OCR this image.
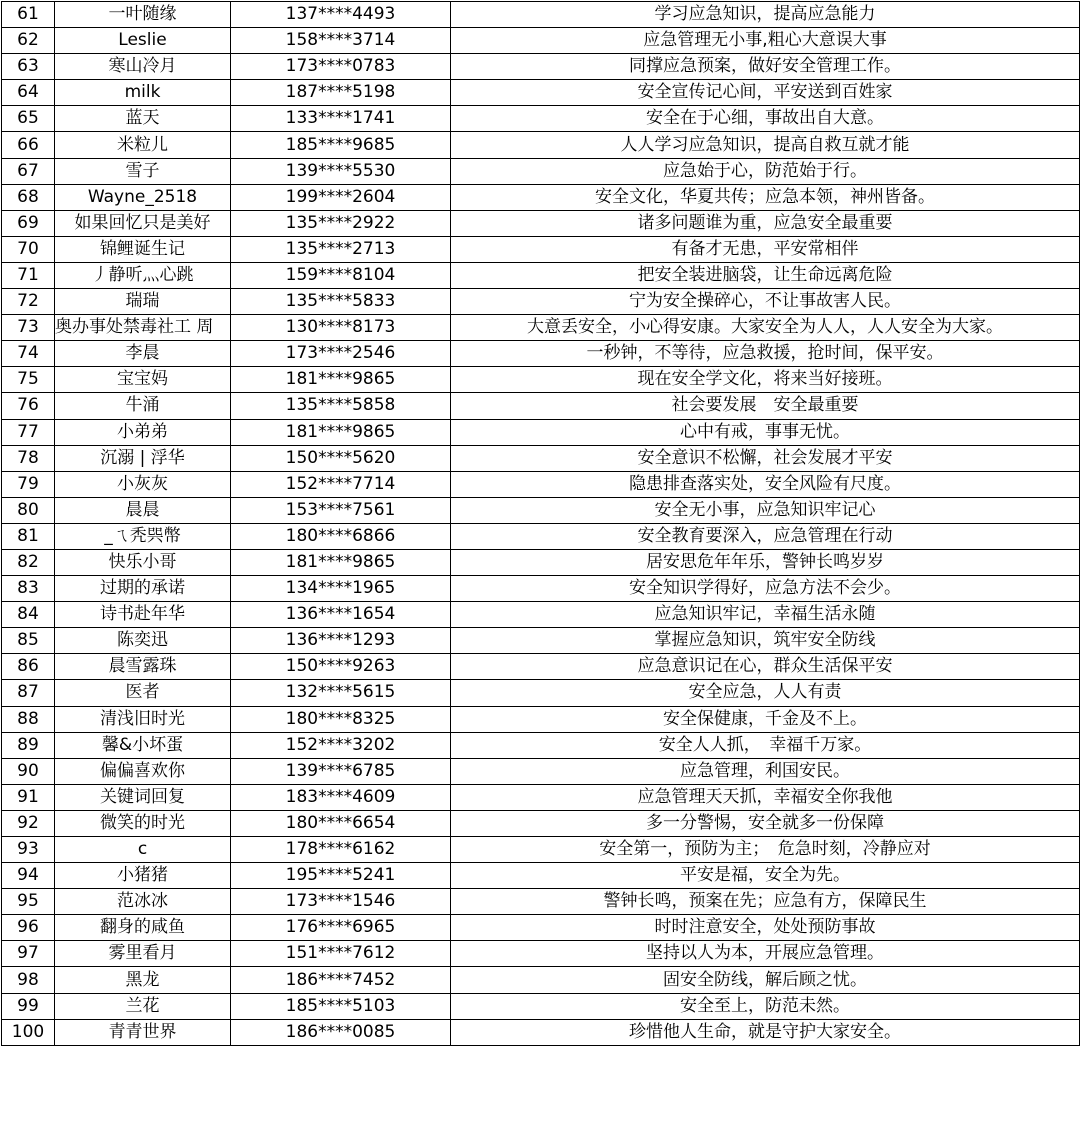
61	一叶随缘	137****4493	学习应急知识，提高应急能力
62	Leslie	158****3714	应急管理无小事,粗心大意误大事
63	寒山冷月	173****0783	同撑应急预案，做好安全管理工作。
64	milk	187****5198	安全宣传记心间，平安送到百姓家
65	蓝天	133****1741	安全在于心细，事故出自大意。
66	米粒儿	185****9685	人人学习应急知识，提高自救互就才能
67	雪子	139****5530	应急始于心，防范始于行。
68	Wayne_2518	199****2604	安全文化，华夏共传；应急本领，神州皆备。
69	如果回忆只是美好	135****2922	诸多问题谁为重，应急安全最重要
70	锦鲤诞生记	135****2713	有备才无患，平安常相伴
71	丿静听灬心跳	159****8104	把安全装进脑袋，让生命远离危险
72	瑞瑞	135****5833	宁为安全操碎心，不让事故害人民。
73	奥办事处禁毒社工 周	130****8173	大意丢安全，小心得安康。大家安全为人人，人人安全为大家。
74	李晨	173****2546	一秒钟，不等待，应急救援，抢时间，保平安。
75	宝宝妈	181****9865	现在安全学文化，将来当好接班。
76	牛涌	135****5858	社会要发展　安全最重要
77	小弟弟	181****9865	心中有戒，事事无忧。
78	沉溺 | 浮华	150****5620	安全意识不松懈，社会发展才平安
79	小灰灰	152****7714	隐患排查落实处，安全风险有尺度。
80	晨晨	153****7561	安全无小事，应急知识牢记心
81	_ㄟ秃巺幣	180****6866	安全教育要深入，应急管理在行动
82	快乐小哥	181****9865	居安思危年年乐，警钟长鸣岁岁
83	过期的承诺	134****1965	安全知识学得好，应急方法不会少。
84	诗书赴年华	136****1654	应急知识牢记，幸福生活永随
85	陈奕迅	136****1293	掌握应急知识，筑牢安全防线
86	晨雪露珠	150****9263	应急意识记在心，群众生活保平安
87	医者	132****5615	安全应急，人人有责
88	清浅旧时光	180****8325	安全保健康，千金及不上。
89	馨&小坏蛋	152****3202	安全人人抓，　幸福千万家。
90	偏偏喜欢你	139****6785	应急管理，利国安民。
91	关键词回复	183****4609	应急管理天天抓，幸福安全你我他
92	微笑的时光	180****6654	多一分警惕，安全就多一份保障
93	c	178****6162	安全第一，预防为主；　危急时刻，冷静应对
94	小猪猪	195****5241	平安是福，安全为先。
95	范冰冰	173****1546	警钟长鸣，预案在先；应急有方，保障民生
96	翻身的咸鱼	176****6965	时时注意安全，处处预防事故
97	雾里看月	151****7612	坚持以人为本，开展应急管理。
98	黑龙	186****7452	固安全防线，解后顾之忧。
99	兰花	185****5103	安全至上，防范未然。
100	青青世界	186****0085	珍惜他人生命，就是守护大家安全。
